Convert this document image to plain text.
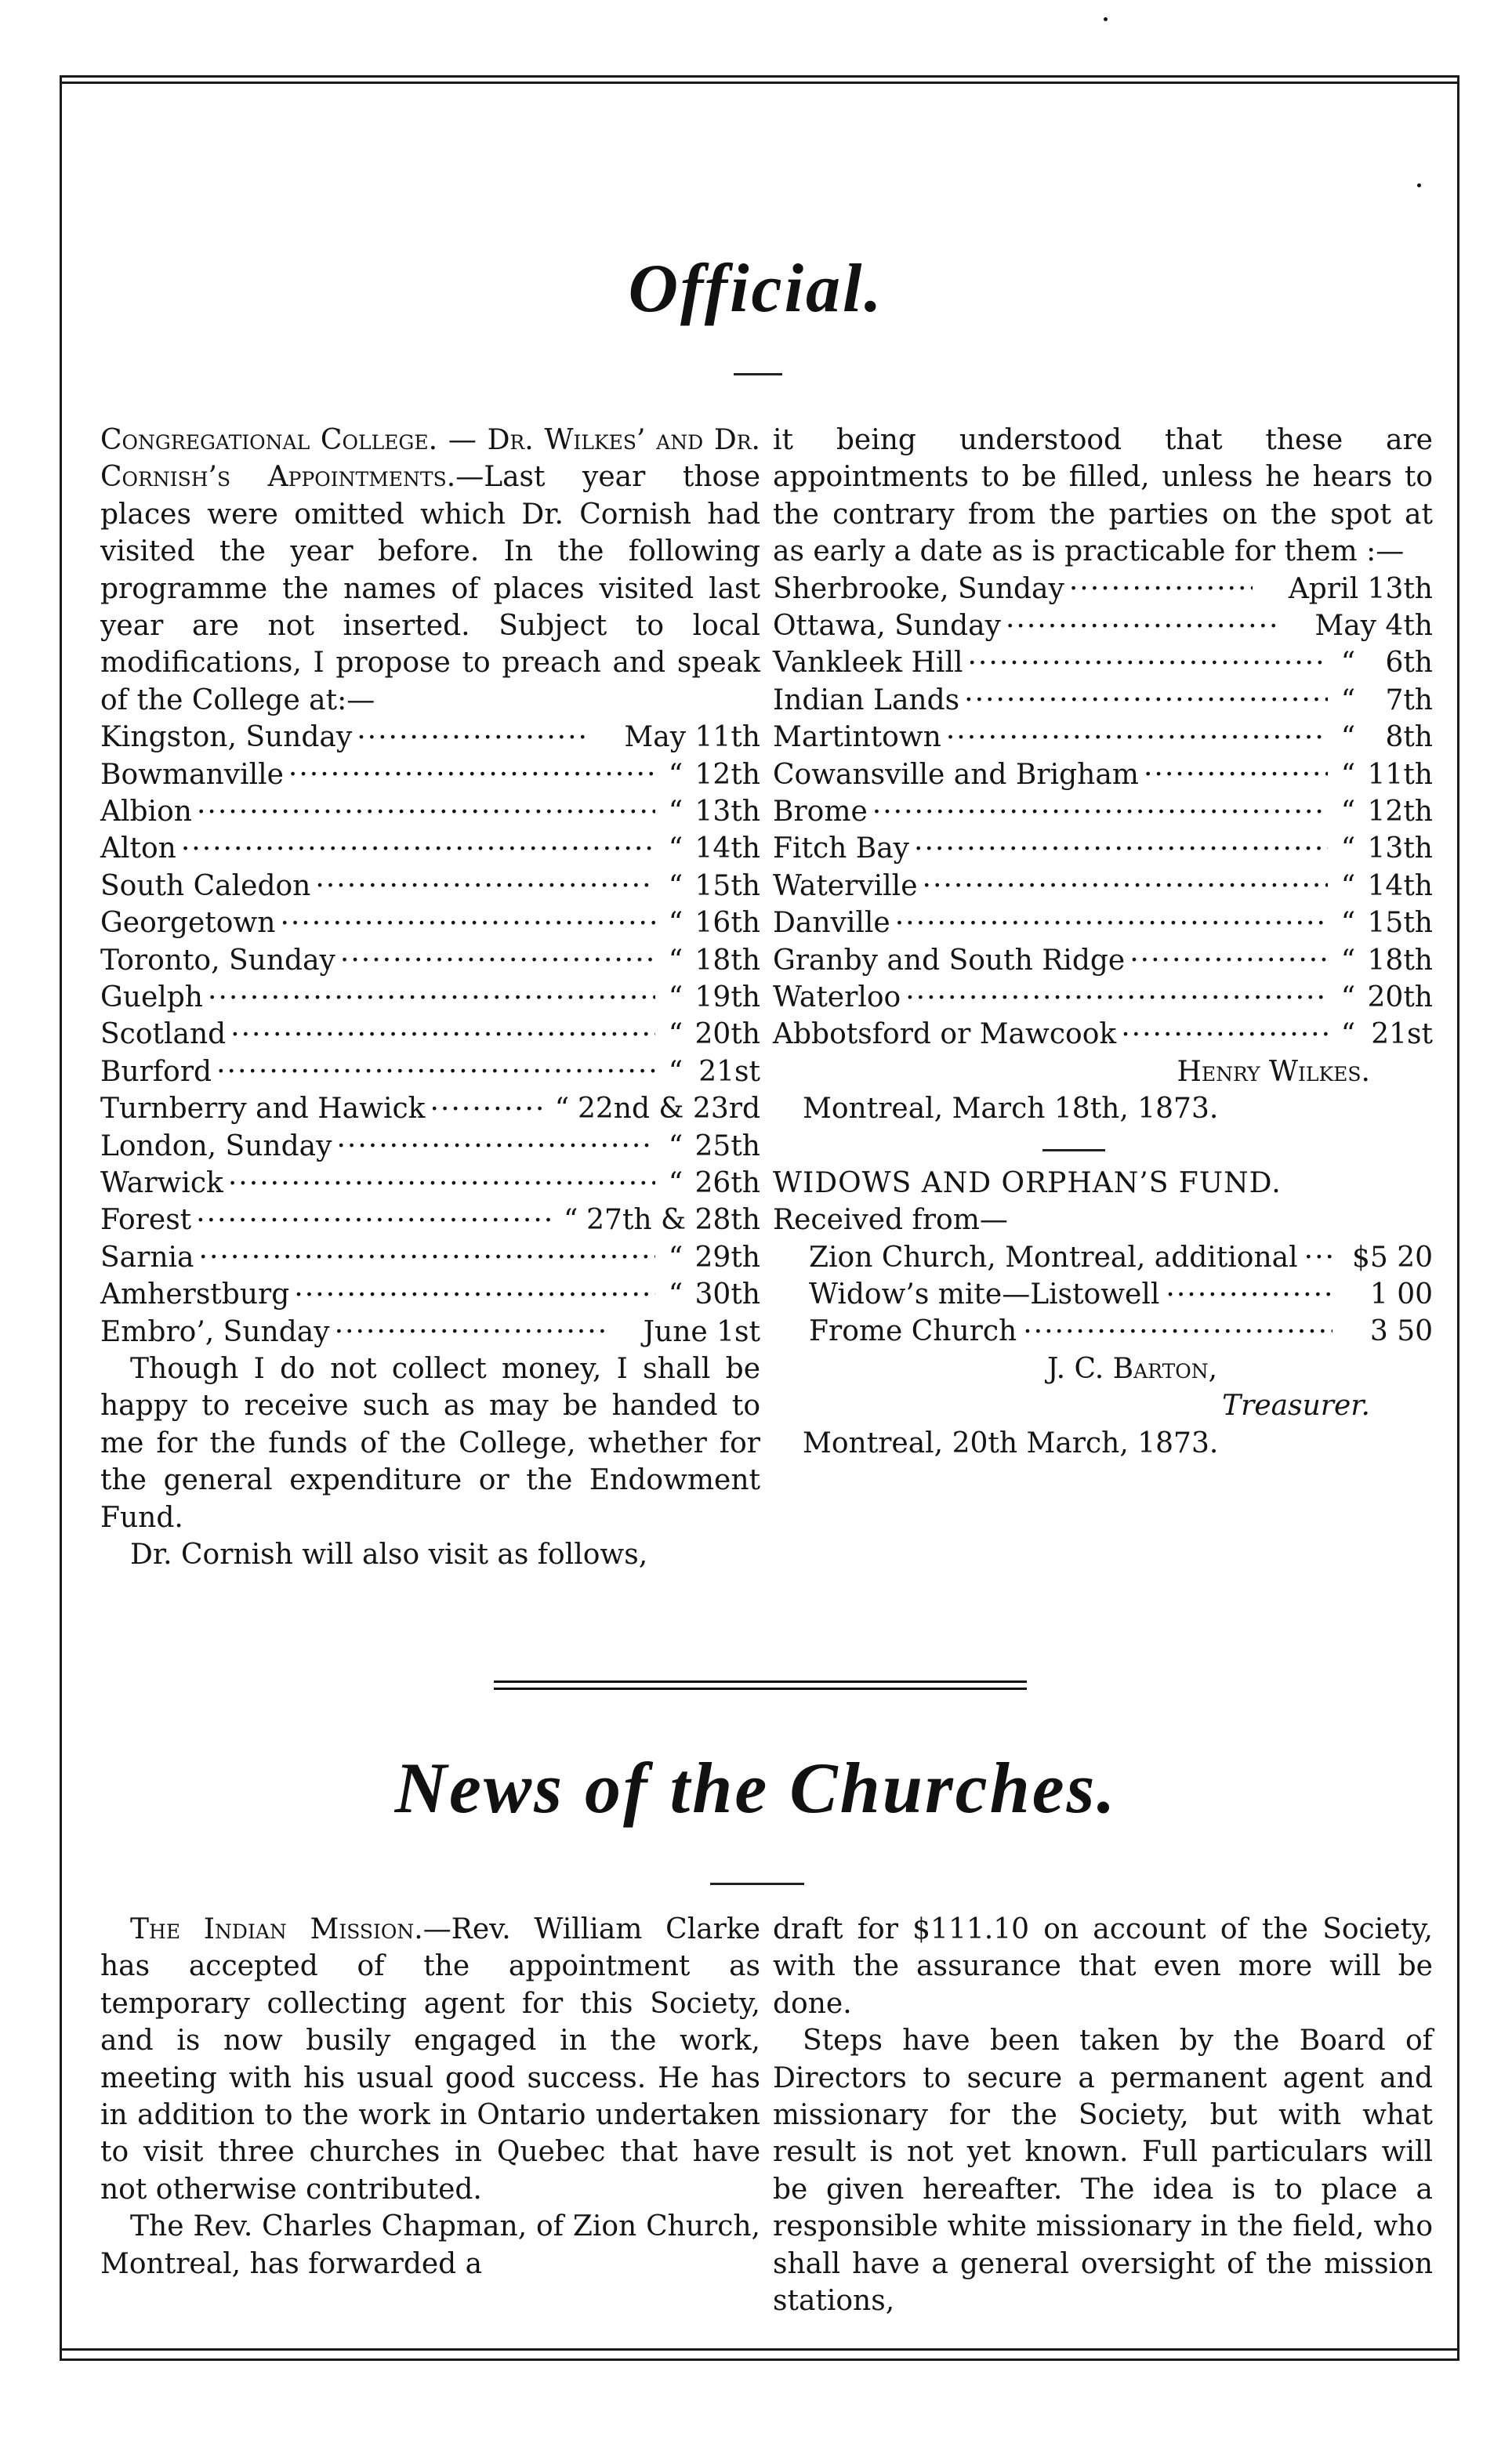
Official.

Congregational College. — Dr. Wilkes’ and Dr. Cornish’s Appointments.—Last year those places were omitted which Dr. Cornish had visited the year before. In the following programme the names of places visited last year are not inserted. Subject to local modifications, I propose to preach and speak of the College at:—

Kingston, Sunday .....	May 11th
Bowmanville .....	“ 12th
Albion .....	“ 13th
Alton .....	“ 14th
South Caledon .....	“ 15th
Georgetown .....	“ 16th
Toronto, Sunday .....	“ 18th
Guelph .....	“ 19th
Scotland .....	“ 20th
Burford .....	“ 21st
Turnberry and Hawick .....	“ 22nd & 23rd
London, Sunday .....	“ 25th
Warwick .....	“ 26th
Forest .....	“ 27th & 28th
Sarnia .....	“ 29th
Amherstburg .....	“ 30th
Embro’, Sunday .....	June 1st

Though I do not collect money, I shall be happy to receive such as may be handed to me for the funds of the College, whether for the general expenditure or the Endowment Fund.

Dr. Cornish will also visit as follows,

it being understood that these are appointments to be filled, unless he hears to the contrary from the parties on the spot at as early a date as is practicable for them :—

Sherbrooke, Sunday .....	April 13th
Ottawa, Sunday .....	May 4th
Vankleek Hill .....	“	6th
Indian Lands .....	“	7th
Martintown .....	“	8th
Cowansville and Brigham .....	“ 11th
Brome .....	“ 12th
Fitch Bay .....	“ 13th
Waterville .....	“ 14th
Danville .....	“ 15th
Granby and South Ridge .....	“ 18th
Waterloo .....	“ 20th
Abbotsford or Mawcook .....	“ 21st
Henry Wilkes.
Montreal, March 18th, 1873.
WIDOWS AND ORPHAN’S FUND.
Received from—
Zion Church, Montreal, additional .....	$5 20
Widow’s mite—Listowell .....	1 00
Frome Church .....	3 50
J. C. Barton,
Treasurer.
Montreal, 20th March, 1873.
News of the Churches.

The Indian Mission.—Rev. William Clarke has accepted of the appointment as temporary collecting agent for this Society, and is now busily engaged in the work, meeting with his usual good success. He has in addition to the work in Ontario undertaken to visit three churches in Quebec that have not otherwise contributed.

The Rev. Charles Chapman, of Zion Church, Montreal, has forwarded a

draft for $111.10 on account of the Society, with the assurance that even more will be done.

Steps have been taken by the Board of Directors to secure a permanent agent and missionary for the Society, but with what result is not yet known. Full particulars will be given hereafter. The idea is to place a responsible white missionary in the field, who shall have a general oversight of the mission stations,
